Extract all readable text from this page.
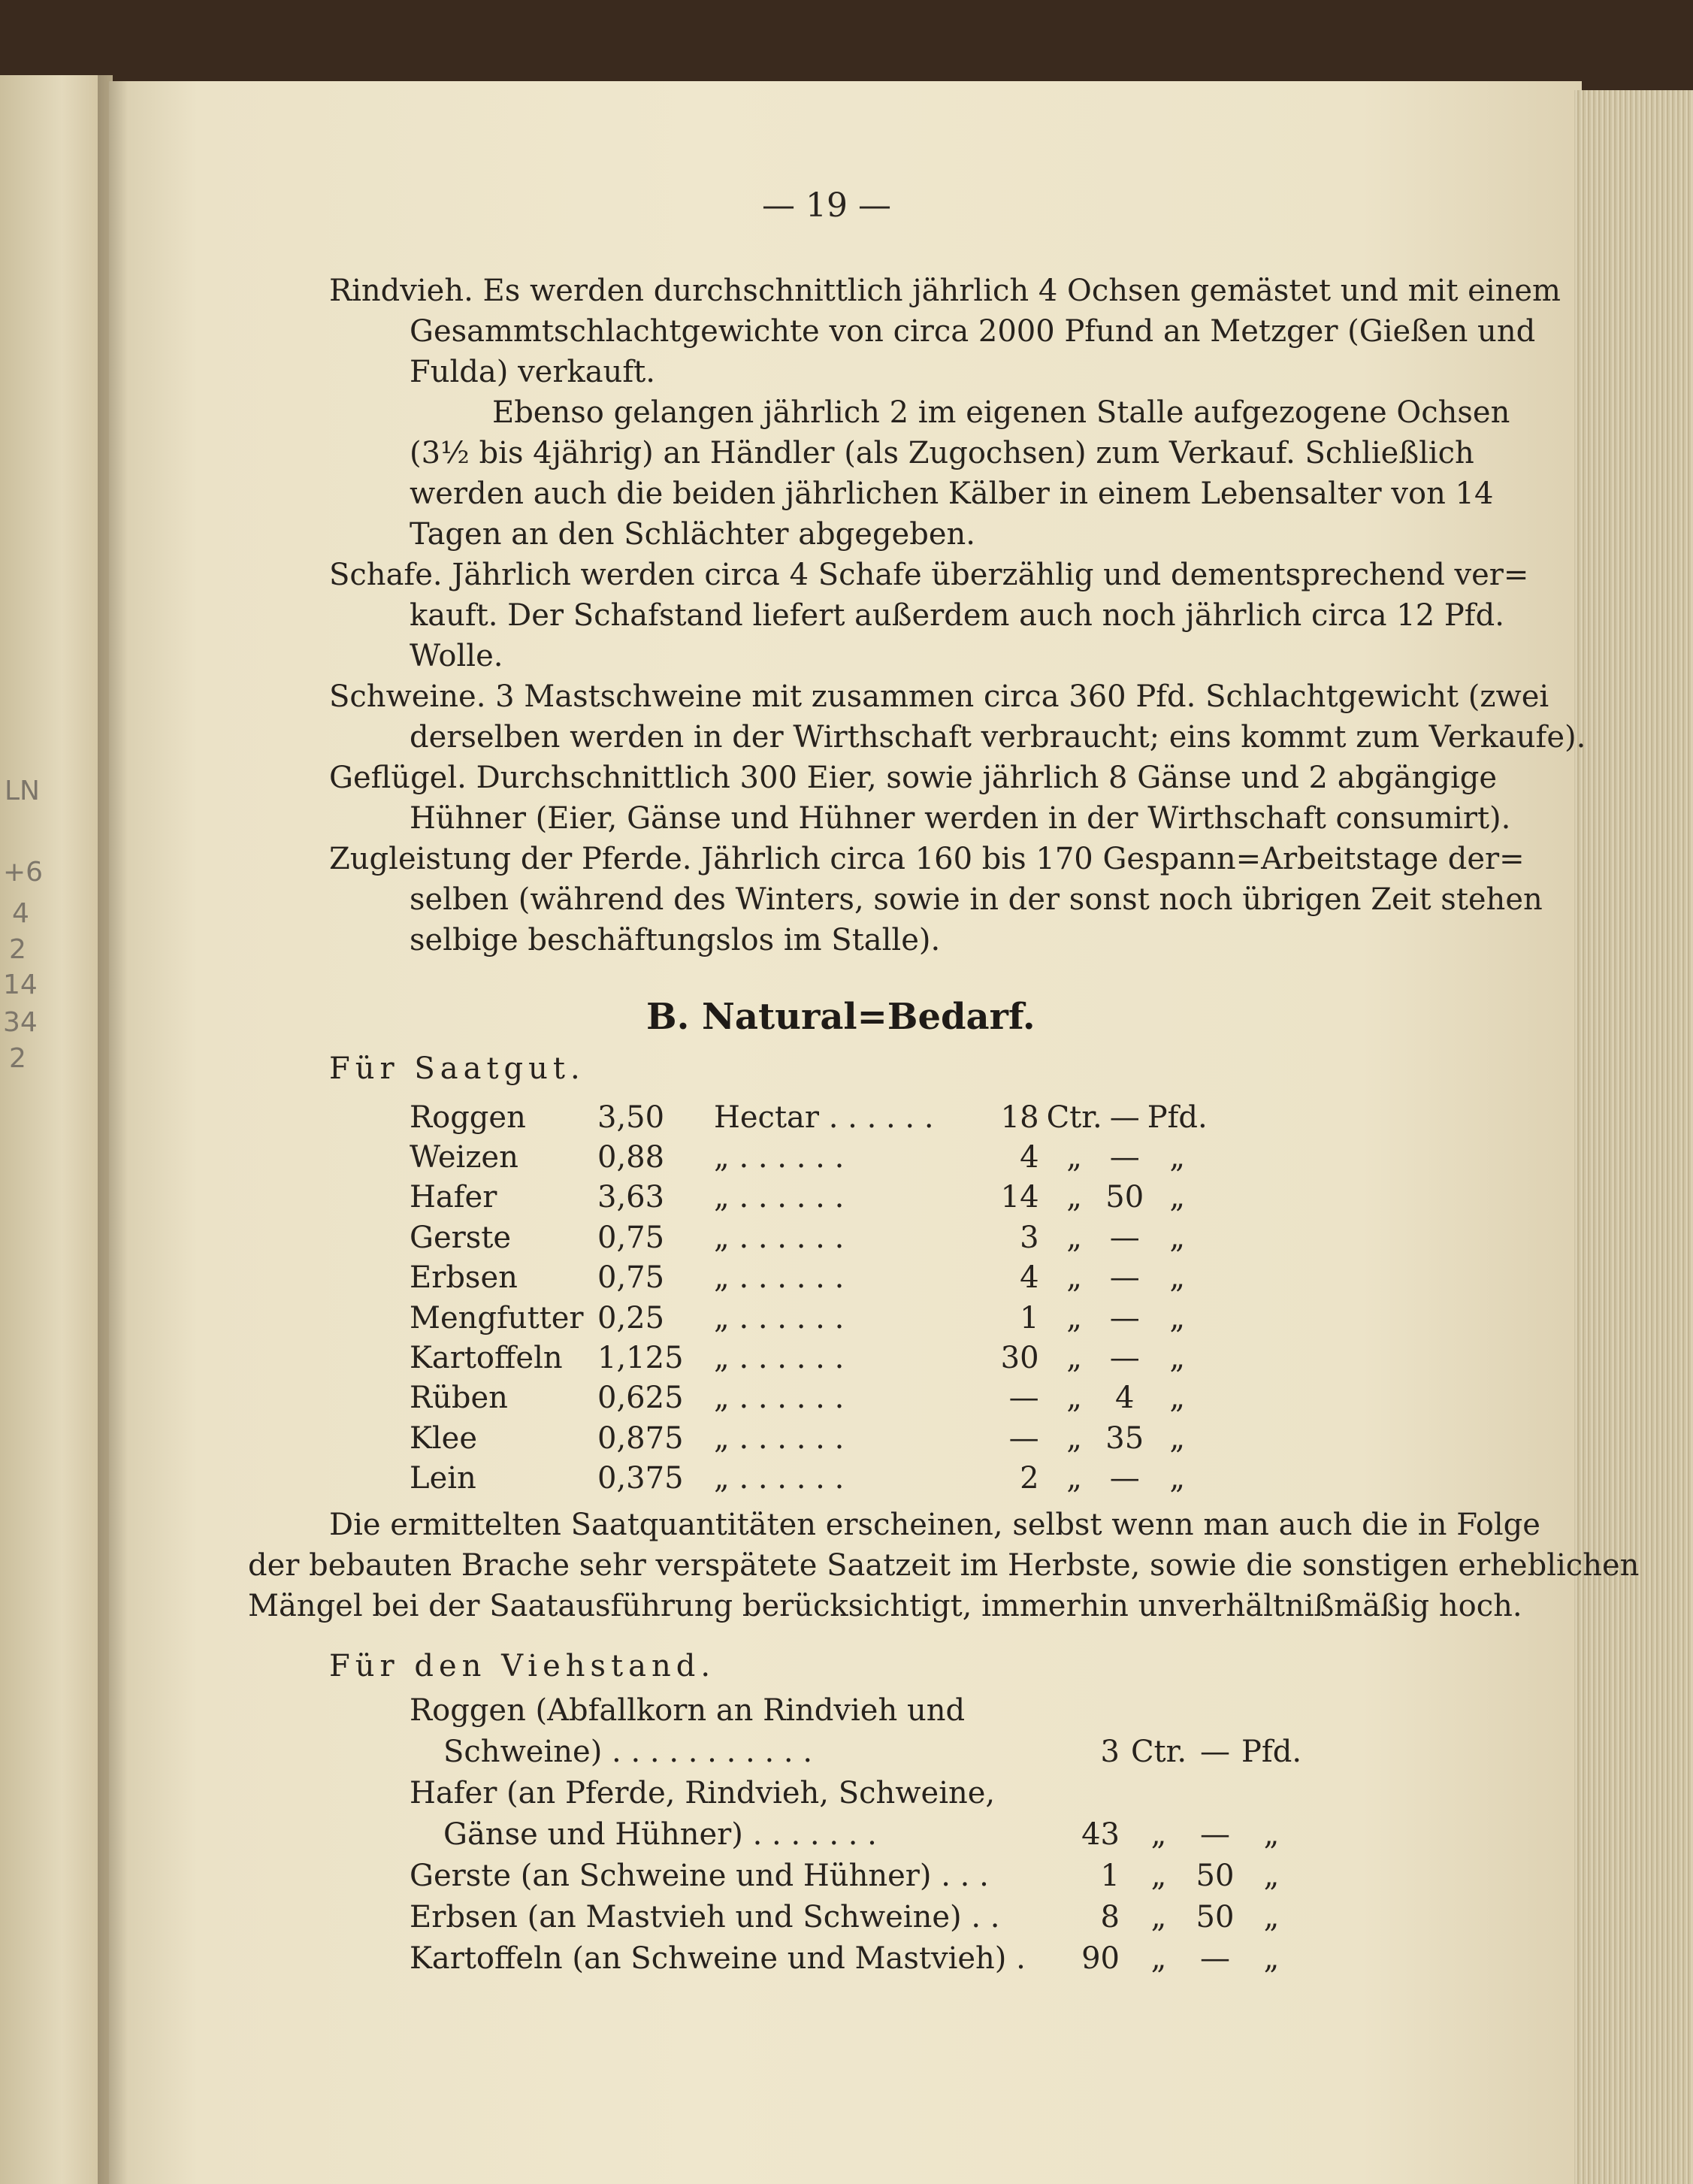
LN
+6
4
2
14
34
2
— 19 —
Rindvieh. Es werden durchschnittlich jährlich 4 Ochsen gemästet und mit einem
Gesammtschlachtgewichte von circa 2000 Pfund an Metzger (Gießen und
Fulda) verkauft.
Ebenso gelangen jährlich 2 im eigenen Stalle aufgezogene Ochsen
(3½ bis 4jährig) an Händler (als Zugochsen) zum Verkauf. Schließlich
werden auch die beiden jährlichen Kälber in einem Lebensalter von 14
Tagen an den Schlächter abgegeben.
Schafe. Jährlich werden circa 4 Schafe überzählig und dementsprechend ver=
kauft. Der Schafstand liefert außerdem auch noch jährlich circa 12 Pfd.
Wolle.
Schweine. 3 Mastschweine mit zusammen circa 360 Pfd. Schlachtgewicht (zwei
derselben werden in der Wirthschaft verbraucht; eins kommt zum Verkaufe).
Geflügel. Durchschnittlich 300 Eier, sowie jährlich 8 Gänse und 2 abgängige
Hühner (Eier, Gänse und Hühner werden in der Wirthschaft consumirt).
Zugleistung der Pferde. Jährlich circa 160 bis 170 Gespann=Arbeitstage der=
selben (während des Winters, sowie in der sonst noch übrigen Zeit stehen
selbige beschäftungslos im Stalle).
B. Natural=Bedarf.
Für Saatgut.
Roggen	3,50	Hectar . . . . . .	18	Ctr.	—	Pfd.
Weizen	0,88	„ . . . . . .	4	„	—	„
Hafer	3,63	„ . . . . . .	14	„	50	„
Gerste	0,75	„ . . . . . .	3	„	—	„
Erbsen	0,75	„ . . . . . .	4	„	—	„
Mengfutter	0,25	„ . . . . . .	1	„	—	„
Kartoffeln	1,125	„ . . . . . .	30	„	—	„
Rüben	0,625	„ . . . . . .	—	„	4	„
Klee	0,875	„ . . . . . .	—	„	35	„
Lein	0,375	„ . . . . . .	2	„	—	„
Die ermittelten Saatquantitäten erscheinen, selbst wenn man auch die in Folge
der bebauten Brache sehr verspätete Saatzeit im Herbste, sowie die sonstigen erheblichen
Mängel bei der Saatausführung berücksichtigt, immerhin unverhältnißmäßig hoch.
Für den Viehstand.
Roggen (Abfallkorn an Rindvieh und				
Schweine) . . . . . . . . . . .	3	Ctr.	—	Pfd.
Hafer (an Pferde, Rindvieh, Schweine,				
Gänse und Hühner) . . . . . . .	43	„	—	„
Gerste (an Schweine und Hühner) . . .	1	„	50	„
Erbsen (an Mastvieh und Schweine) . .	8	„	50	„
Kartoffeln (an Schweine und Mastvieh) .	90	„	—	„
